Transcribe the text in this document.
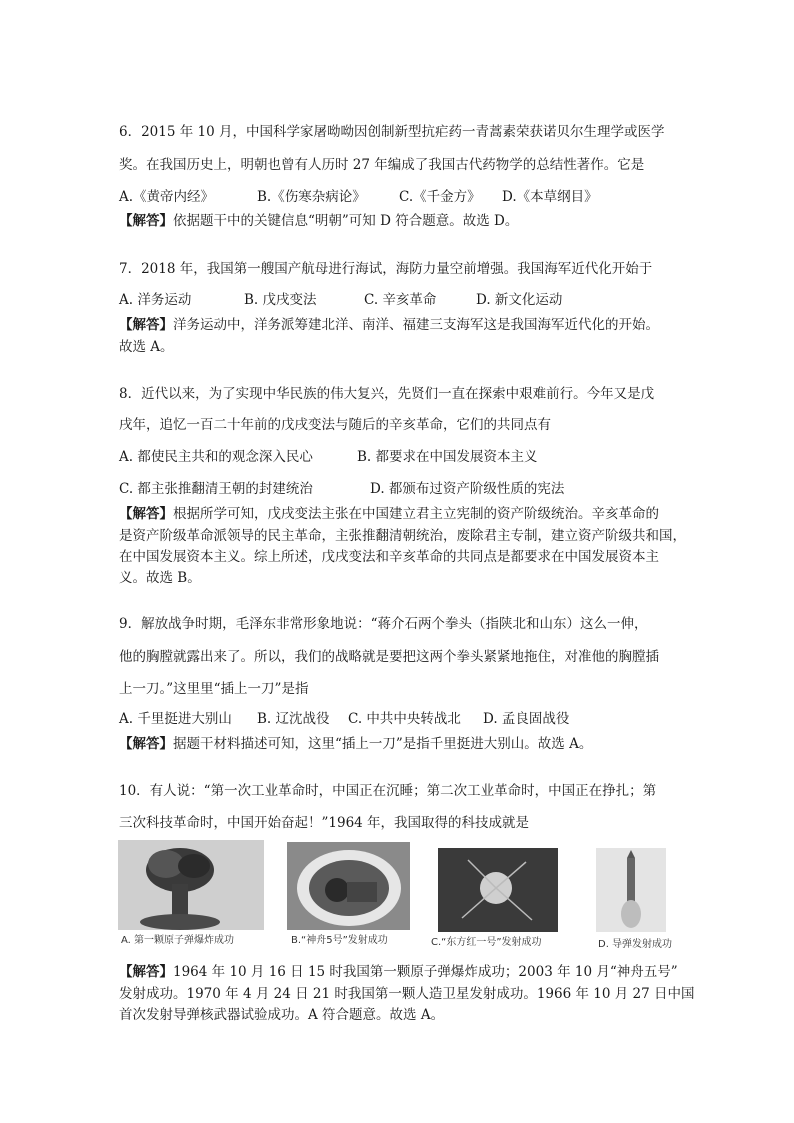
6．2015 年 10 月，中国科学家屠呦呦因创制新型抗疟药一青蒿素荣获诺贝尔生理学或医学
奖。在我国历史上，明朝也曾有人历时 27 年编成了我国古代药物学的总结性著作。它是
A.《黄帝内经》	B.《伤寒杂病论》 C.《千金方》 D.《本草纲目》
【解答】依据题干中的关键信息“明朝”可知 D 符合题意。故选 D。
7．2018 年，我国第一艘国产航母进行海试，海防力量空前增强。我国海军近代化开始于
A. 洋务运动	B. 戊戌变法	C. 辛亥革命	D. 新文化运动
【解答】洋务运动中，洋务派筹建北洋、南洋、福建三支海军这是我国海军近代化的开始。
故选 A。
8．近代以来，为了实现中华民族的伟大复兴，先贤们一直在探索中艰难前行。今年又是戊
戌年，追忆一百二十年前的戊戌变法与随后的辛亥革命，它们的共同点有
A. 都使民主共和的观念深入民心	B. 都要求在中国发展资本主义
C. 都主张推翻清王朝的封建统治	D. 都颁布过资产阶级性质的宪法
【解答】根据所学可知，戊戌变法主张在中国建立君主立宪制的资产阶级统治。辛亥革命的
是资产阶级革命派领导的民主革命，主张推翻清朝统治，废除君主专制，建立资产阶级共和国，
在中国发展资本主义。综上所述，戊戌变法和辛亥革命的共同点是都要求在中国发展资本主
义。故选 B。
9．解放战争时期，毛泽东非常形象地说：“蒋介石两个拳头（指陕北和山东）这么一伸，
他的胸膛就露出来了。所以，我们的战略就是要把这两个拳头紧紧地拖住，对准他的胸膛插
上一刀。”这里里“插上一刀”是指
A. 千里挺进大别山 B. 辽沈战役 C. 中共中央转战北 D. 孟良固战役
【解答】据题干材料描述可知，这里“插上一刀”是指千里挺进大别山。故选 A。
10．有人说：“第一次工业革命时，中国正在沉睡；第二次工业革命时，中国正在挣扎；第
三次科技革命时，中国开始奋起！”1964 年，我国取得的科技成就是
A. 第一颗原子弹爆炸成功	B.“神舟5号”发射成功	C.“东方红一号”发射成功	D. 导弹发射成功
【解答】1964 年 10 月 16 日 15 时我国第一颗原子弹爆炸成功；2003 年 10 月“神舟五号”
发射成功。1970 年 4 月 24 日 21 时我国第一颗人造卫星发射成功。1966 年 10 月 27 日中国
首次发射导弹核武器试验成功。A 符合题意。故选 A。
